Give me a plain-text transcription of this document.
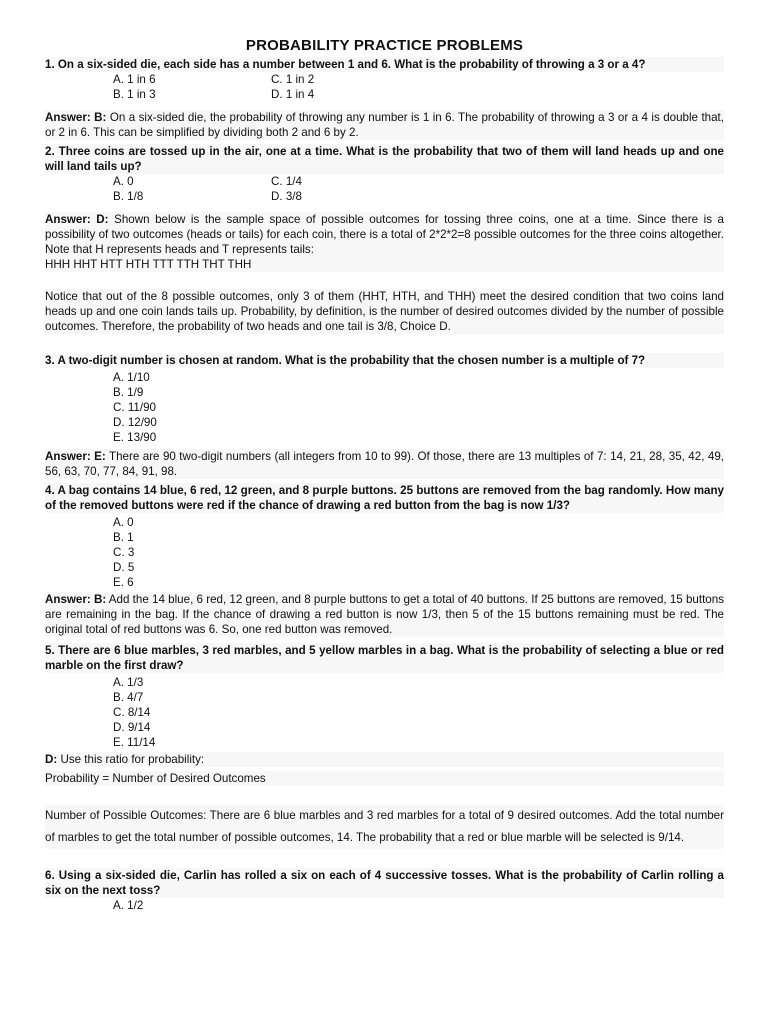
PROBABILITY PRACTICE PROBLEMS

1. On a six-sided die, each side has a number between 1 and 6. What is the probability of throwing a 3 or a 4?

A. 1 in 6	C. 1 in 2
B. 1 in 3	D. 1 in 4

Answer: B: On a six-sided die, the probability of throwing any number is 1 in 6. The probability of throwing a 3 or a 4 is double that, or 2 in 6. This can be simplified by dividing both 2 and 6 by 2.

2. Three coins are tossed up in the air, one at a time. What is the probability that two of them will land heads up and one will land tails up?

A. 0	C. 1/4
B. 1/8	D. 3/8

Answer: D: Shown below is the sample space of possible outcomes for tossing three coins, one at a time. Since there is a possibility of two outcomes (heads or tails) for each coin, there is a total of 2*2*2=8 possible outcomes for the three coins altogether. Note that H represents heads and T represents tails:

HHH HHT HTT HTH TTT TTH THT THH

Notice that out of the 8 possible outcomes, only 3 of them (HHT, HTH, and THH) meet the desired condition that two coins land heads up and one coin lands tails up. Probability, by definition, is the number of desired outcomes divided by the number of possible outcomes. Therefore, the probability of two heads and one tail is 3/8, Choice D.

3. A two-digit number is chosen at random. What is the probability that the chosen number is a multiple of 7?

A. 1/10
B. 1/9
C. 11/90
D. 12/90
E. 13/90

Answer: E: There are 90 two-digit numbers (all integers from 10 to 99). Of those, there are 13 multiples of 7: 14, 21, 28, 35, 42, 49, 56, 63, 70, 77, 84, 91, 98.

4. A bag contains 14 blue, 6 red, 12 green, and 8 purple buttons. 25 buttons are removed from the bag randomly. How many of the removed buttons were red if the chance of drawing a red button from the bag is now 1/3?

A. 0
B. 1
C. 3
D. 5
E. 6

Answer: B: Add the 14 blue, 6 red, 12 green, and 8 purple buttons to get a total of 40 buttons. If 25 buttons are removed, 15 buttons are remaining in the bag. If the chance of drawing a red button is now 1/3, then 5 of the 15 buttons remaining must be red. The original total of red buttons was 6. So, one red button was removed.

5. There are 6 blue marbles, 3 red marbles, and 5 yellow marbles in a bag. What is the probability of selecting a blue or red marble on the first draw?

A. 1/3
B. 4/7
C. 8/14
D. 9/14
E. 11/14

D: Use this ratio for probability:

Probability = Number of Desired Outcomes

Number of Possible Outcomes: There are 6 blue marbles and 3 red marbles for a total of 9 desired outcomes. Add the total number of marbles to get the total number of possible outcomes, 14. The probability that a red or blue marble will be selected is 9/14.

6. Using a six-sided die, Carlin has rolled a six on each of 4 successive tosses. What is the probability of Carlin rolling a six on the next toss?

A. 1/2
